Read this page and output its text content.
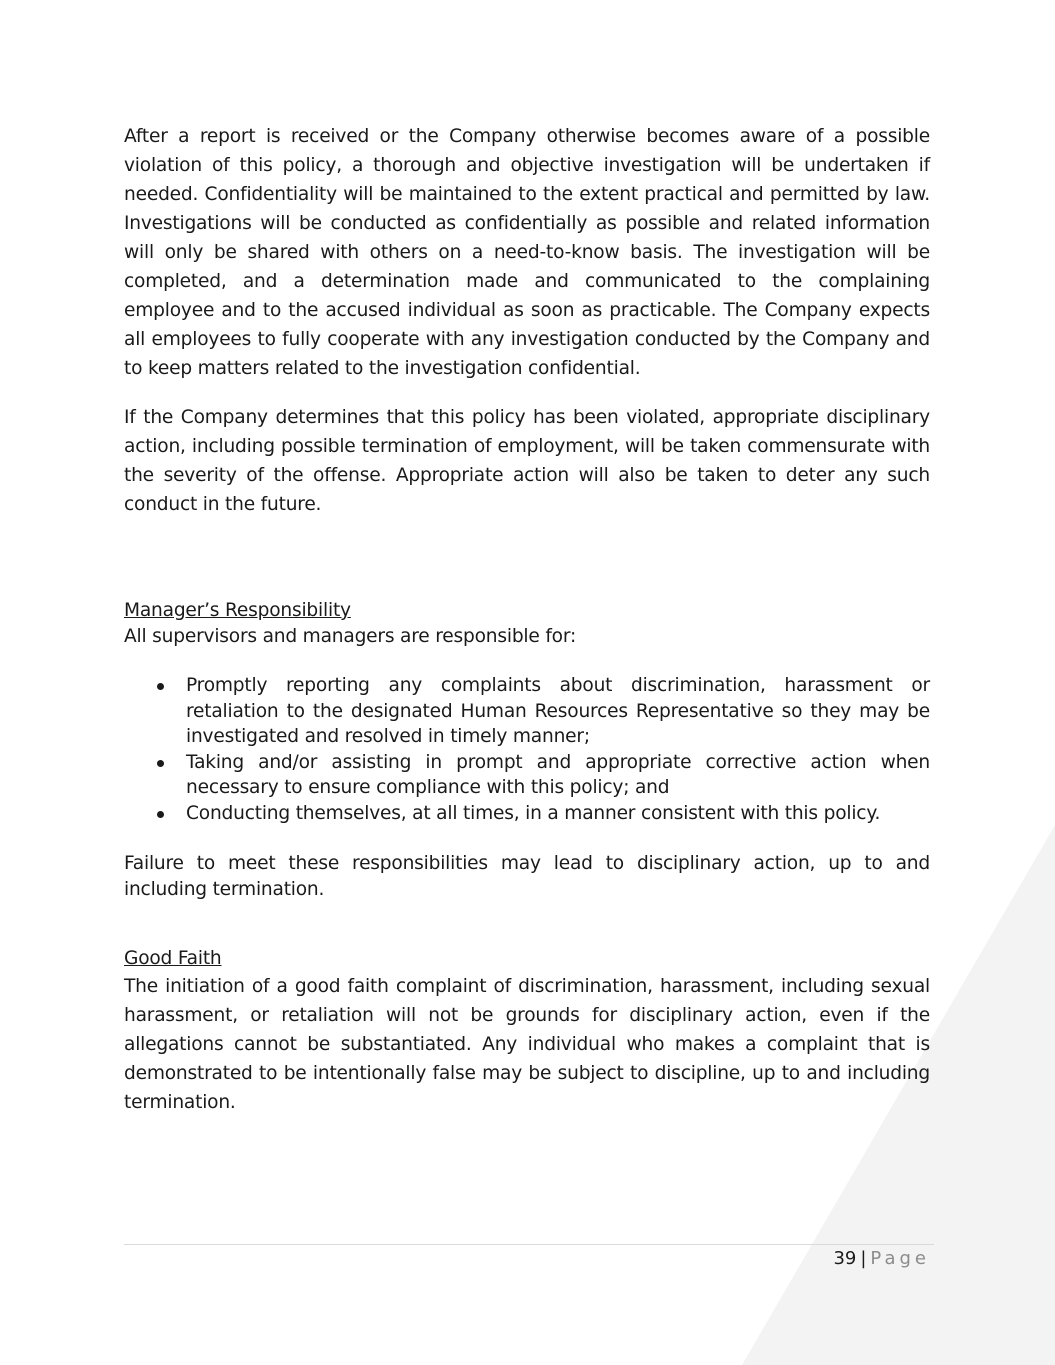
After a report is received or the Company otherwise becomes aware of a possible violation of this policy, a thorough and objective investigation will be undertaken if needed. Confidentiality will be maintained to the extent practical and permitted by law. Investigations will be conducted as confidentially as possible and related information will only be shared with others on a need-to-know basis. The investigation will be completed, and a determination made and communicated to the complaining employee and to the accused individual as soon as practicable. The Company expects all employees to fully cooperate with any investigation conducted by the Company and to keep matters related to the investigation confidential.

If the Company determines that this policy has been violated, appropriate disciplinary action, including possible termination of employment, will be taken commensurate with the severity of the offense. Appropriate action will also be taken to deter any such conduct in the future.

Manager’s Responsibility

All supervisors and managers are responsible for:

Promptly reporting any complaints about discrimination, harassment or retaliation to the designated Human Resources Representative so they may be investigated and resolved in timely manner;
Taking and/or assisting in prompt and appropriate corrective action when necessary to ensure compliance with this policy; and
Conducting themselves, at all times, in a manner consistent with this policy.

Failure to meet these responsibilities may lead to disciplinary action, up to and including termination.

Good Faith

The initiation of a good faith complaint of discrimination, harassment, including sexual harassment, or retaliation will not be grounds for disciplinary action, even if the allegations cannot be substantiated. Any individual who makes a complaint that is demonstrated to be intentionally false may be subject to discipline, up to and including termination.

39 | Page
